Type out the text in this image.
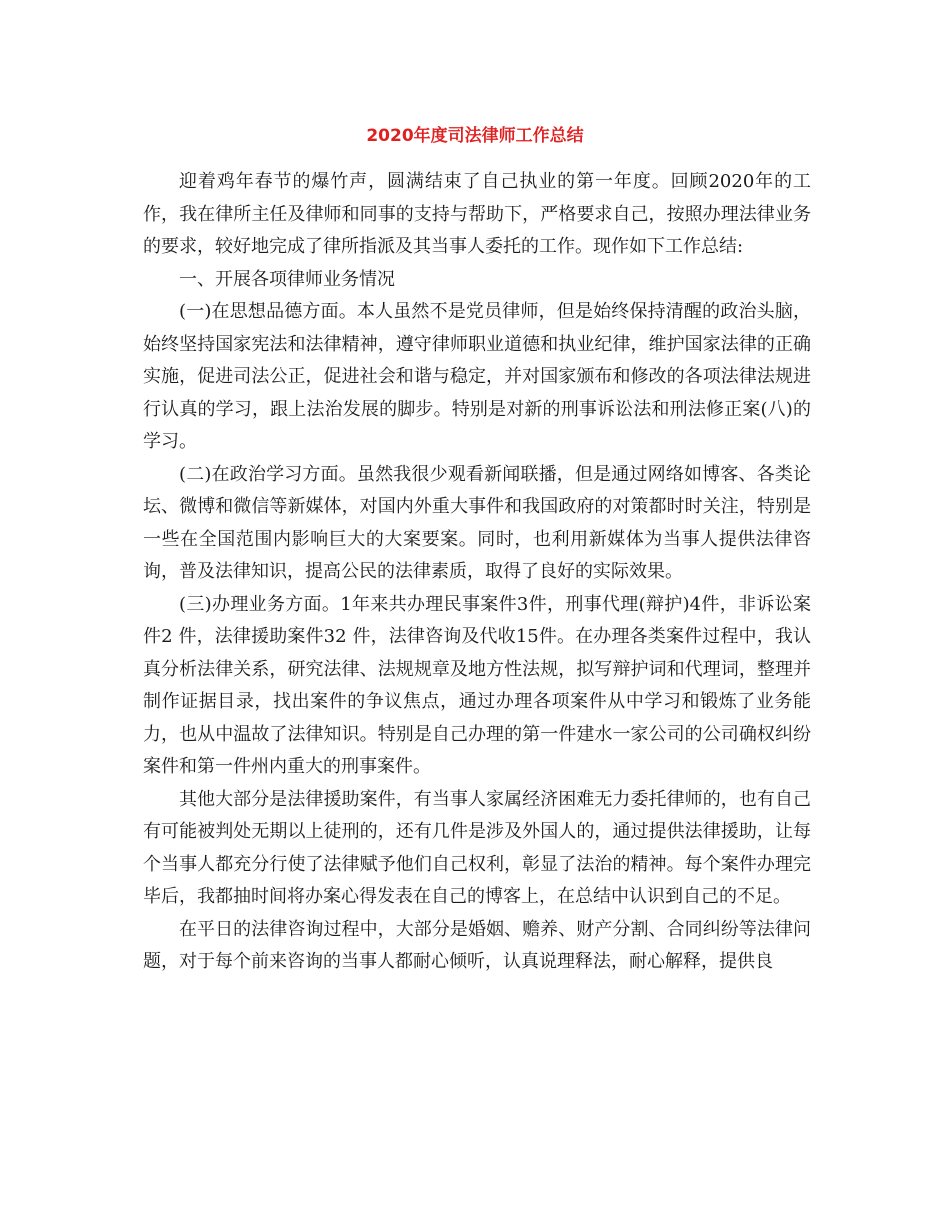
2020年度司法律师工作总结

迎着鸡年春节的爆竹声，圆满结束了自己执业的第一年度。回顾2020年的工作，我在律所主任及律师和同事的支持与帮助下，严格要求自己，按照办理法律业务的要求，较好地完成了律所指派及其当事人委托的工作。现作如下工作总结:

一、开展各项律师业务情况

(一)在思想品德方面。本人虽然不是党员律师，但是始终保持清醒的政治头脑，始终坚持国家宪法和法律精神，遵守律师职业道德和执业纪律，维护国家法律的正确实施，促进司法公正，促进社会和谐与稳定，并对国家颁布和修改的各项法律法规进行认真的学习，跟上法治发展的脚步。特别是对新的刑事诉讼法和刑法修正案(八)的学习。

(二)在政治学习方面。虽然我很少观看新闻联播，但是通过网络如博客、各类论坛、微博和微信等新媒体，对国内外重大事件和我国政府的对策都时时关注，特别是一些在全国范围内影响巨大的大案要案。同时，也利用新媒体为当事人提供法律咨询，普及法律知识，提高公民的法律素质，取得了良好的实际效果。

(三)办理业务方面。1年来共办理民事案件3件，刑事代理(辩护)4件，非诉讼案件2 件，法律援助案件32 件，法律咨询及代收15件。在办理各类案件过程中，我认真分析法律关系，研究法律、法规规章及地方性法规，拟写辩护词和代理词，整理并制作证据目录，找出案件的争议焦点，通过办理各项案件从中学习和锻炼了业务能力，也从中温故了法律知识。特别是自己办理的第一件建水一家公司的公司确权纠纷案件和第一件州内重大的刑事案件。

其他大部分是法律援助案件，有当事人家属经济困难无力委托律师的，也有自己有可能被判处无期以上徒刑的，还有几件是涉及外国人的，通过提供法律援助，让每个当事人都充分行使了法律赋予他们自己权利，彰显了法治的精神。每个案件办理完毕后，我都抽时间将办案心得发表在自己的博客上，在总结中认识到自己的不足。

在平日的法律咨询过程中，大部分是婚姻、赡养、财产分割、合同纠纷等法律问题，对于每个前来咨询的当事人都耐心倾听，认真说理释法，耐心解释，提供良
